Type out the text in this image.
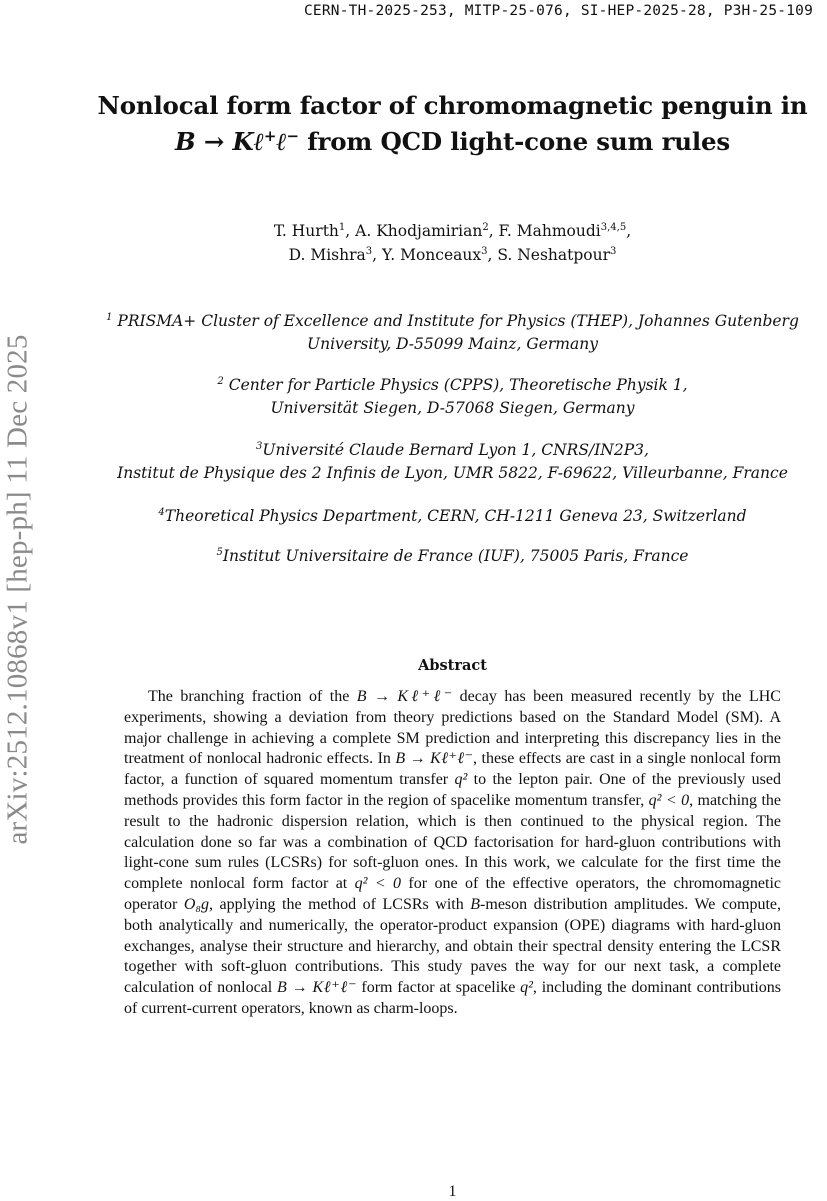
CERN-TH-2025-253, MITP-25-076, SI-HEP-2025-28, P3H-25-109
arXiv:2512.10868v1 [hep-ph] 11 Dec 2025
Nonlocal form factor of chromomagnetic penguin in
B → Kℓ+ℓ− from QCD light-cone sum rules
T. Hurth$^1$, A. Khodjamirian$^2$, F. Mahmoudi$^{3,4,5}$,
D. Mishra$^3$, Y. Monceaux$^3$, S. Neshatpour$^3$
$^1$ PRISMA+ Cluster of Excellence and Institute for Physics (THEP), Johannes Gutenberg
University, D-55099 Mainz, Germany
$^2$ Center for Particle Physics (CPPS), Theoretische Physik 1,
Universität Siegen, D-57068 Siegen, Germany
$^3$Université Claude Bernard Lyon 1, CNRS/IN2P3,
Institut de Physique des 2 Infinis de Lyon, UMR 5822, F-69622, Villeurbanne, France
$^4$Theoretical Physics Department, CERN, CH-1211 Geneva 23, Switzerland
$^5$Institut Universitaire de France (IUF), 75005 Paris, France
Abstract
The branching fraction of the B → Kℓ⁺ℓ⁻ decay has been measured recently by the LHC experiments, showing a deviation from theory predictions based on the Standard Model (SM). A major challenge in achieving a complete SM prediction and interpreting this discrepancy lies in the treatment of nonlocal hadronic effects. In B → Kℓ⁺ℓ⁻, these effects are cast in a single nonlocal form factor, a function of squared momentum transfer q² to the lepton pair. One of the previously used methods provides this form factor in the region of spacelike momentum transfer, q² < 0, matching the result to the hadronic dispersion relation, which is then continued to the physical region. The calculation done so far was a combination of QCD factorisation for hard-gluon contributions with light-cone sum rules (LCSRs) for soft-gluon ones. In this work, we calculate for the first time the complete nonlocal form factor at q² < 0 for one of the effective operators, the chromomagnetic operator O₈g, applying the method of LCSRs with B-meson distribution amplitudes. We compute, both analytically and numerically, the operator-product expansion (OPE) diagrams with hard-gluon exchanges, analyse their structure and hierarchy, and obtain their spectral density entering the LCSR together with soft-gluon contributions. This study paves the way for our next task, a complete calculation of nonlocal B → Kℓ⁺ℓ⁻ form factor at spacelike q², including the dominant contributions of current-current operators, known as charm-loops.
1
